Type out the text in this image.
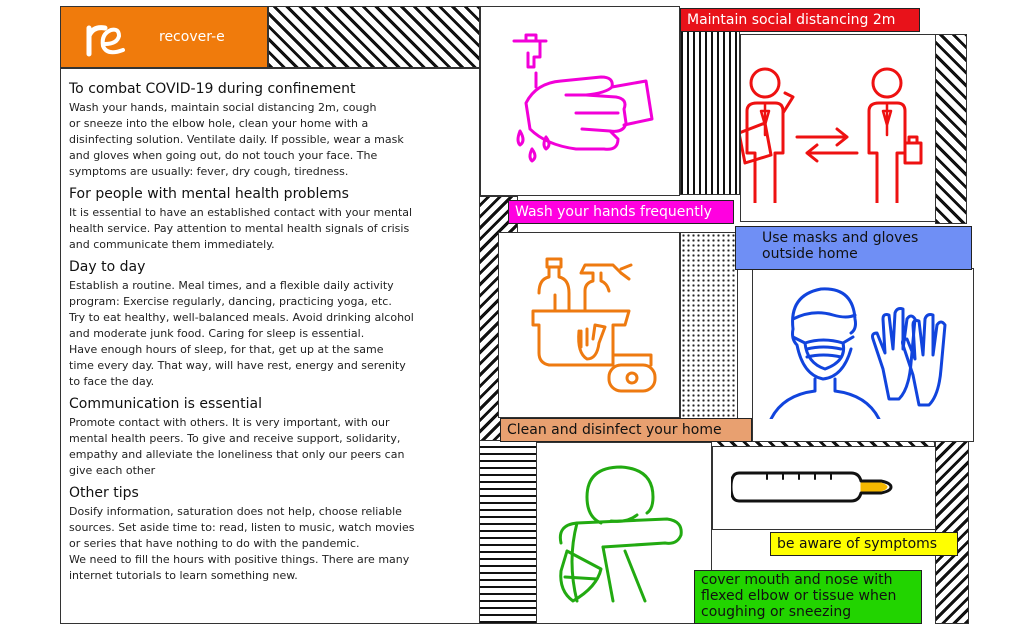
recover-e
To combat COVID-19 during confinement

Wash your hands, maintain social distancing 2m, cough
or sneeze into the elbow hole, clean your home with a
disinfecting solution. Ventilate daily. If possible, wear a mask
and gloves when going out, do not touch your face. The
symptoms are usually: fever, dry cough, tiredness.

For people with mental health problems

It is essential to have an established contact with your mental
health service. Pay attention to mental health signals of crisis
and communicate them immediately.

Day to day

Establish a routine. Meal times, and a flexible daily activity
program: Exercise regularly, dancing, practicing yoga, etc.
Try to eat healthy, well-balanced meals. Avoid drinking alcohol
and moderate junk food. Caring for sleep is essential.
Have enough hours of sleep, for that, get up at the same
time every day. That way, will have rest, energy and serenity
to face the day.

Communication is essential

Promote contact with others. It is very important, with our
mental health peers. To give and receive support, solidarity,
empathy and alleviate the loneliness that only our peers can
give each other

Other tips

Dosify information, saturation does not help, choose reliable
sources. Set aside time to: read, listen to music, watch movies
or series that have nothing to do with the pandemic.
We need to fill the hours with positive things. There are many
internet tutorials to learn something new.

Maintain social distancing 2m
Wash your hands frequently
Use masks and gloves
outside home
Clean and disinfect your home
be aware of symptoms
cover mouth and nose with
flexed elbow or tissue when
coughing or sneezing
